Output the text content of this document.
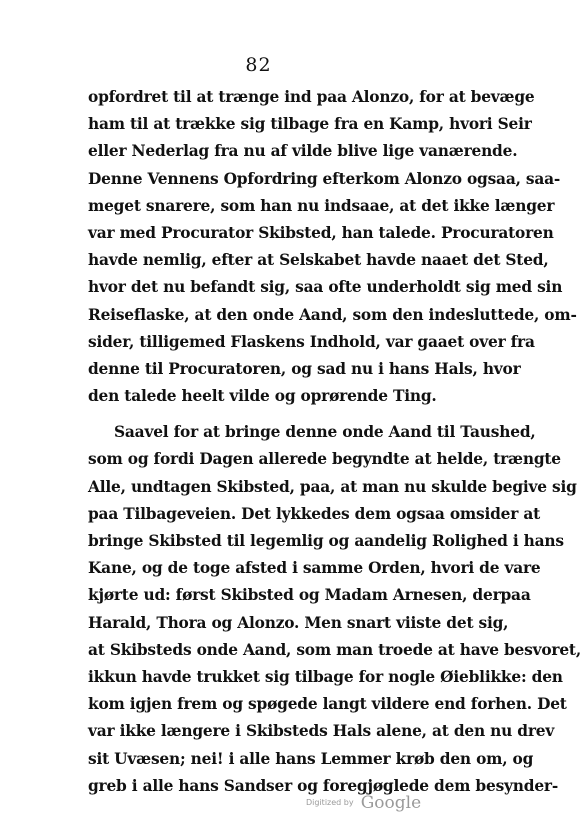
82
opfordret til at trænge ind paa Alonzo, for at bevæge
ham til at trække sig tilbage fra en Kamp, hvori Seir
eller Nederlag fra nu af vilde blive lige vanærende.
Denne Vennens Opfordring efterkom Alonzo ogsaa, saa-
meget snarere, som han nu indsaae, at det ikke længer
var med Procurator Skibsted, han talede. Procuratoren
havde nemlig, efter at Selskabet havde naaet det Sted,
hvor det nu befandt sig, saa ofte underholdt sig med sin
Reiseflaske, at den onde Aand, som den indesluttede, om-
sider, tilligemed Flaskens Indhold, var gaaet over fra
denne til Procuratoren, og sad nu i hans Hals, hvor
den talede heelt vilde og oprørende Ting.
Saavel for at bringe denne onde Aand til Taushed,
som og fordi Dagen allerede begyndte at helde, trængte
Alle, undtagen Skibsted, paa, at man nu skulde begive sig
paa Tilbageveien. Det lykkedes dem ogsaa omsider at
bringe Skibsted til legemlig og aandelig Rolighed i hans
Kane, og de toge afsted i samme Orden, hvori de vare
kjørte ud: først Skibsted og Madam Arnesen, derpaa
Harald, Thora og Alonzo. Men snart viiste det sig,
at Skibsteds onde Aand, som man troede at have besvoret,
ikkun havde trukket sig tilbage for nogle Øieblikke: den
kom igjen frem og spøgede langt vildere end forhen. Det
var ikke længere i Skibsteds Hals alene, at den nu drev
sit Uvæsen; nei! i alle hans Lemmer krøb den om, og
greb i alle hans Sandser og foregjøglede dem besynder-
Digitized by Google
